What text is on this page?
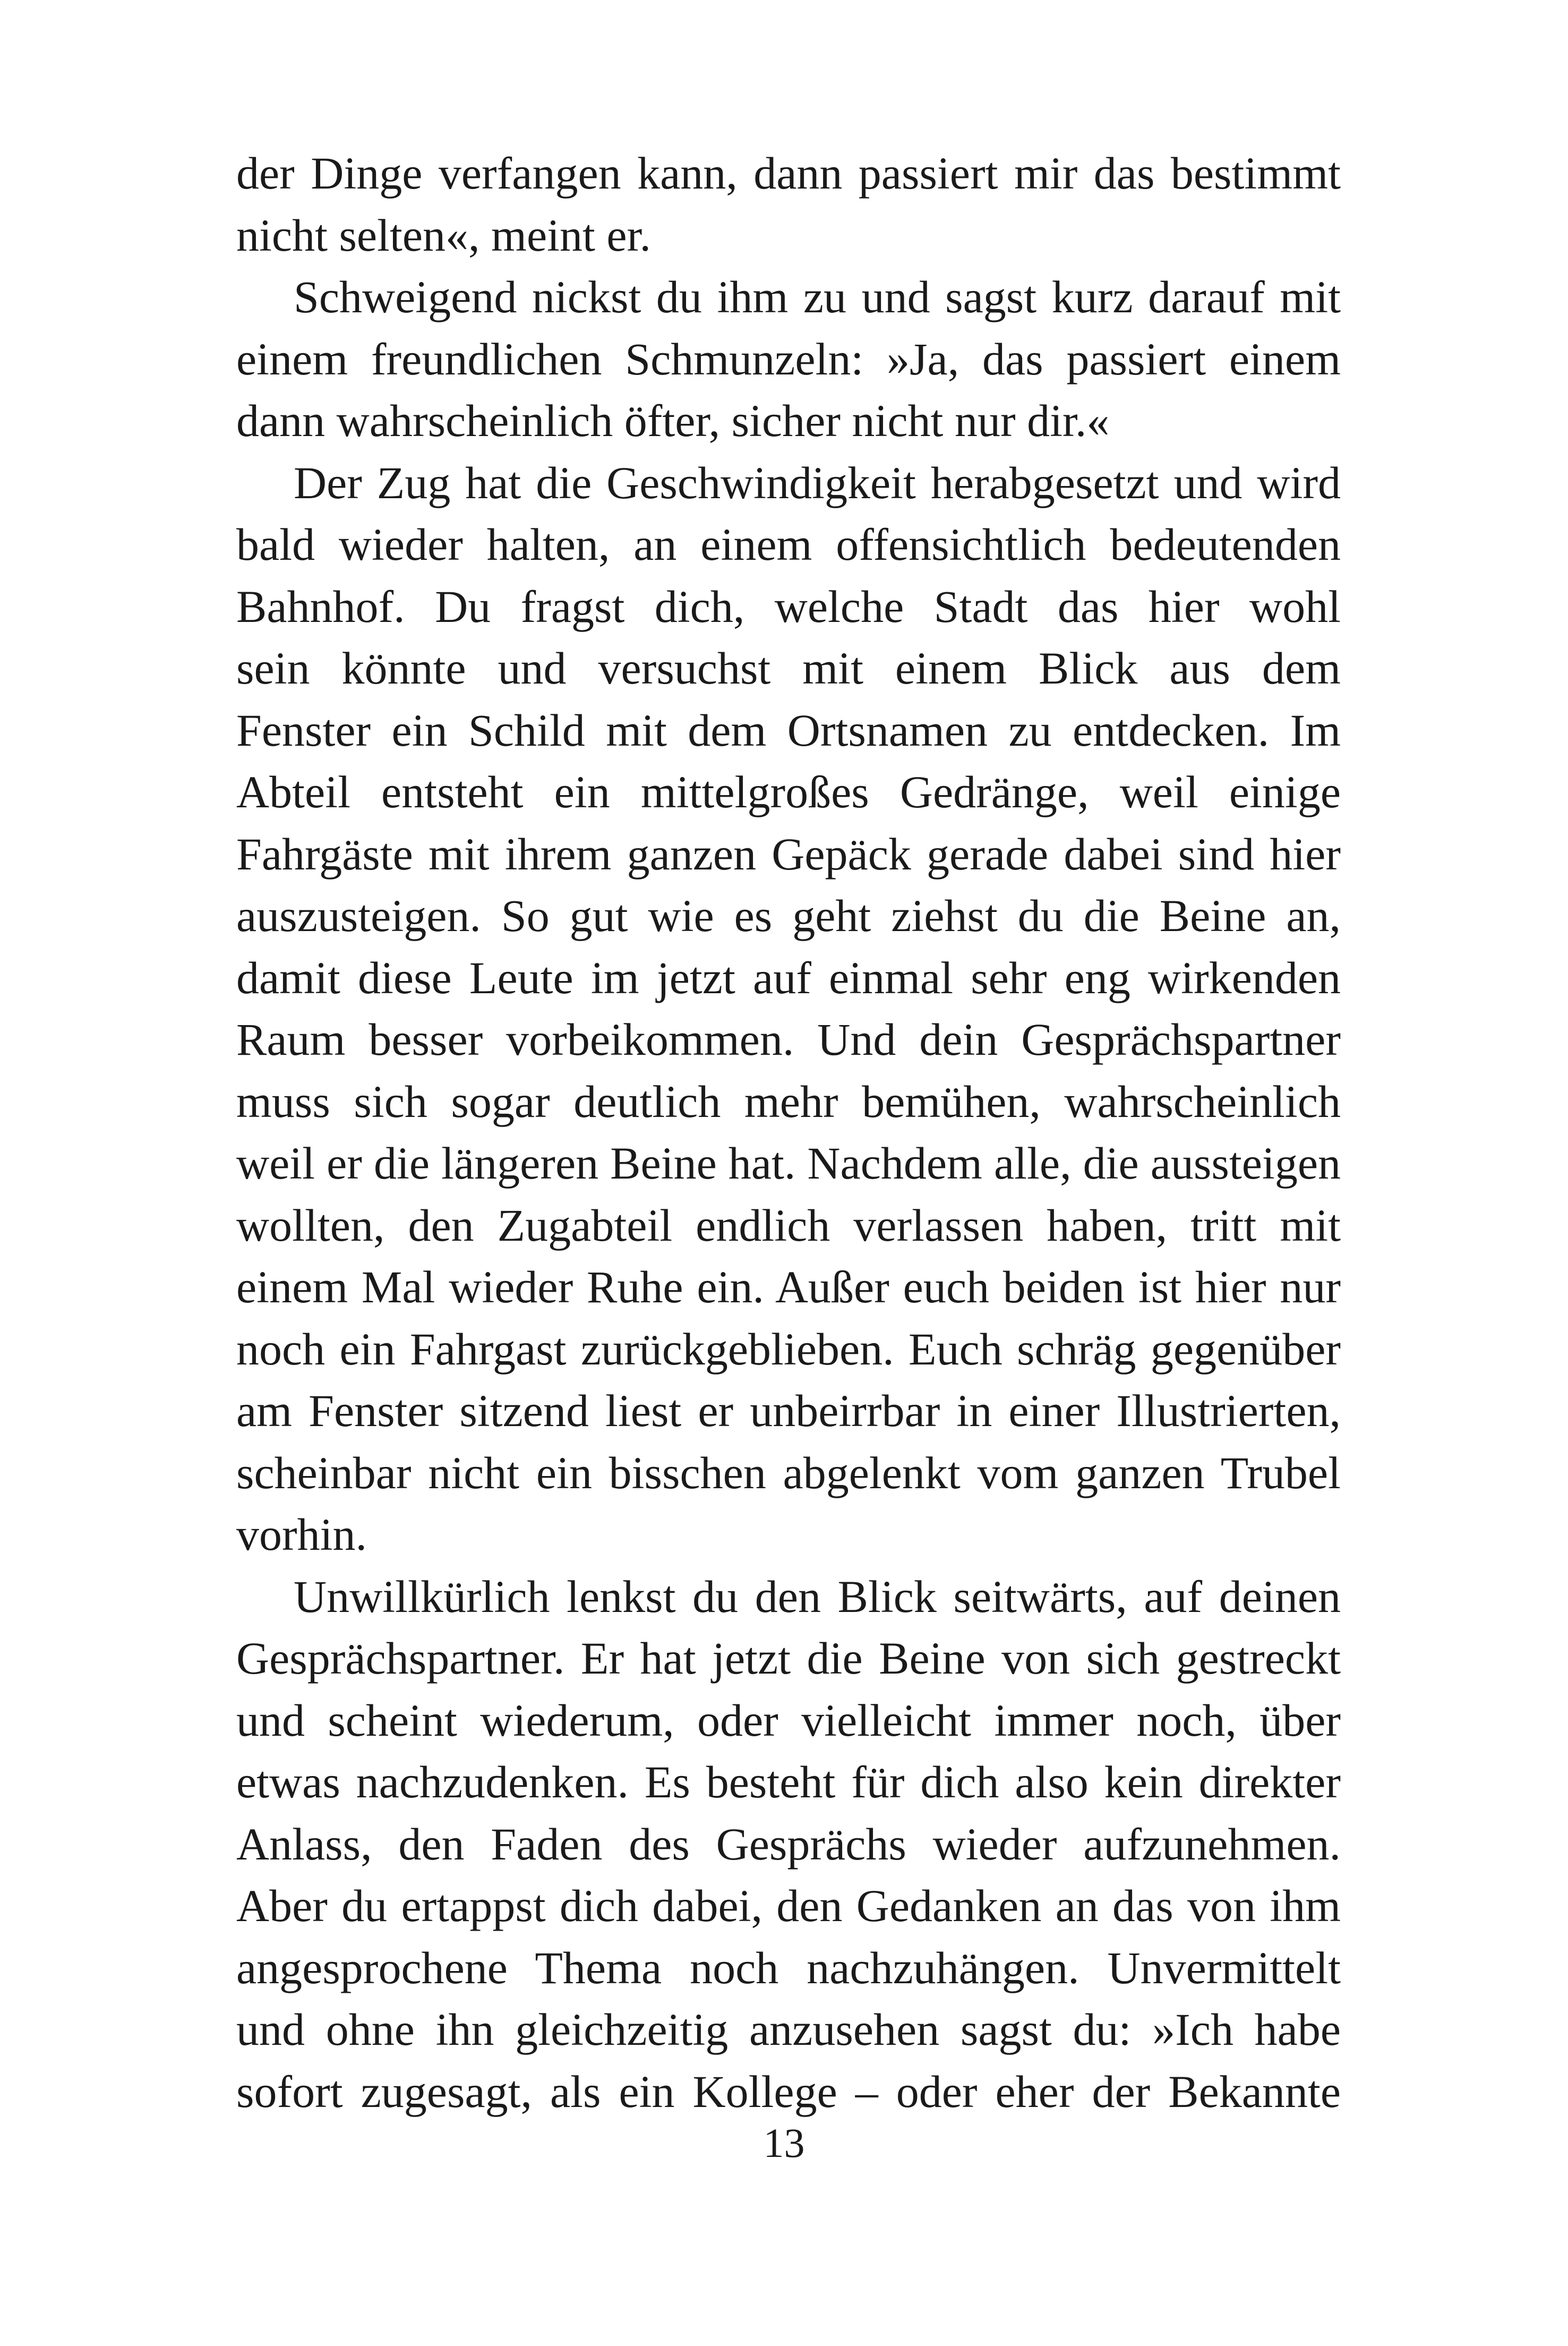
der Dinge verfangen kann, dann passiert mir das bestimmt
nicht selten«, meint er.
Schweigend nickst du ihm zu und sagst kurz darauf mit
einem freundlichen Schmunzeln: »Ja, das passiert einem
dann wahrscheinlich öfter, sicher nicht nur dir.«
Der Zug hat die Geschwindigkeit herabgesetzt und wird
bald wieder halten, an einem offensichtlich bedeutenden
Bahnhof. Du fragst dich, welche Stadt das hier wohl
sein könnte und versuchst mit einem Blick aus dem
Fenster ein Schild mit dem Ortsnamen zu entdecken. Im
Abteil entsteht ein mittelgroßes Gedränge, weil einige
Fahrgäste mit ihrem ganzen Gepäck gerade dabei sind hier
auszusteigen. So gut wie es geht ziehst du die Beine an,
damit diese Leute im jetzt auf einmal sehr eng wirkenden
Raum besser vorbeikommen. Und dein Gesprächspartner
muss sich sogar deutlich mehr bemühen, wahrscheinlich
weil er die längeren Beine hat. Nachdem alle, die aussteigen
wollten, den Zugabteil endlich verlassen haben, tritt mit
einem Mal wieder Ruhe ein. Außer euch beiden ist hier nur
noch ein Fahrgast zurückgeblieben. Euch schräg gegenüber
am Fenster sitzend liest er unbeirrbar in einer Illustrierten,
scheinbar nicht ein bisschen abgelenkt vom ganzen Trubel
vorhin.
Unwillkürlich lenkst du den Blick seitwärts, auf deinen
Gesprächspartner. Er hat jetzt die Beine von sich gestreckt
und scheint wiederum, oder vielleicht immer noch, über
etwas nachzudenken. Es besteht für dich also kein direkter
Anlass, den Faden des Gesprächs wieder aufzunehmen.
Aber du ertappst dich dabei, den Gedanken an das von ihm
angesprochene Thema noch nachzuhängen. Unvermittelt
und ohne ihn gleichzeitig anzusehen sagst du: »Ich habe
sofort zugesagt, als ein Kollege – oder eher der Bekannte
13
